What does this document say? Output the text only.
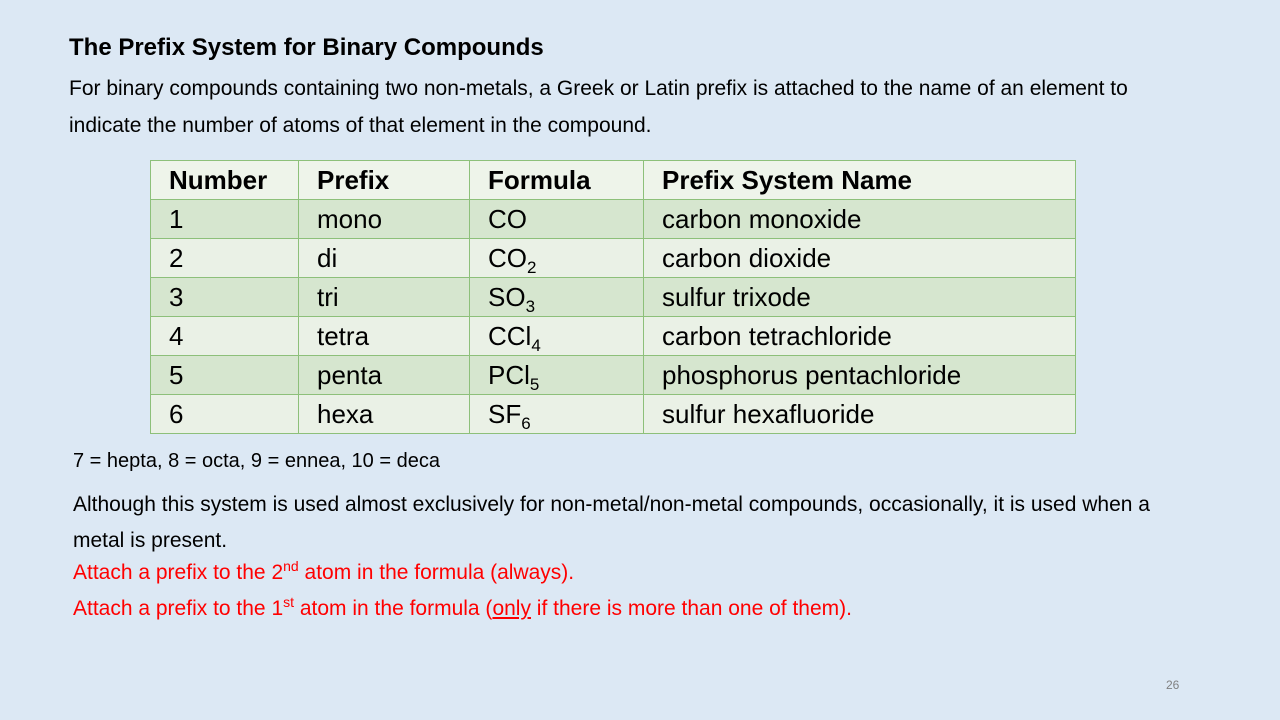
The Prefix System for Binary Compounds

For binary compounds containing two non-metals, a Greek or Latin prefix is attached to the name of an element to indicate the number of atoms of that element in the compound.

Number	Prefix	Formula	Prefix System Name
1	mono	CO	carbon monoxide
2	di	$CO_2$	carbon dioxide
3	tri	$SO_3$	sulfur trixode
4	tetra	CCl$_4$	carbon tetrachloride
5	penta	PCl$_5$	phosphorus pentachloride
6	hexa	$SF_6$	sulfur hexafluoride

7 = hepta, 8 = octa, 9 = ennea, 10 = deca

Although this system is used almost exclusively for non-metal/non-metal compounds, occasionally, it is used when a metal is present.

Attach a prefix to the 2nd atom in the formula (always).

Attach a prefix to the 1st atom in the formula (only if there is more than one of them).

26
